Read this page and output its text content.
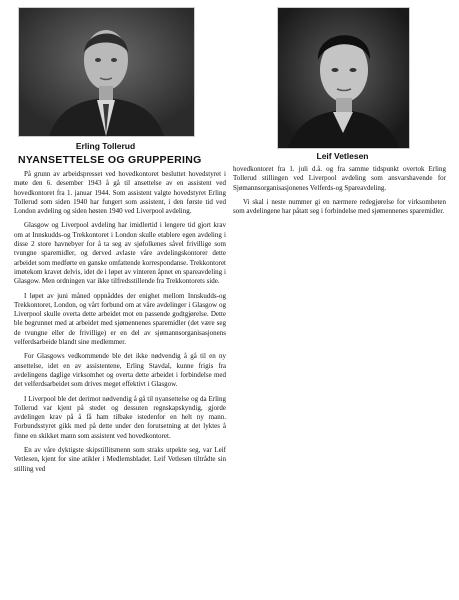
Erling Tollerud
Leif Vetlesen
NYANSETTELSE OG GRUPPERING

På grunn av arbeidspresset ved hovedkontoret besluttet hovedstyret i møte den 6. desember 1943 å gå til ansettelse av en assistent ved hovedkontoret fra 1. januar 1944. Som assistent valgte hovedstyret Erling Tollerud som siden 1940 har fungert som assistent, i den første tid ved London avdeling og siden høsten 1940 ved Liverpool avdeling.

Glasgow og Liverpool avdeling har imidlertid i lengere tid gjort krav om at Innskudds-og Trekkontoret i London skulle etablere egen avdeling i disse 2 store havnebyer for å ta seg av sjøfolkenes såvel frivillige som tvungne sparemidler, og derved avlaste våre avdelingskontorer dette arbeidet som medførte en ganske omfattende korrespondanse. Trekkontoret imøtekom kravet delvis, idet de i løpet av vinteren åpnet en spareavdeling i Glasgow. Men ordningen var ikke tilfredsstillende fra Trekkontorets side.

I løpet av juni måned oppnåddes der enighet mellom Innskudds-og Trekkontoret, London, og vårt forbund om at våre avdelinger i Glasgow og Liverpool skulle overta dette arbeidet mot en passende godtgjørelse. Dette ble begrunnet med at arbeidet med sjømennenes sparemidler (det være seg de tvungne eller de frivillige) er en del av sjømannsorganisasjonens velferdsarbeide blandt sine medlemmer.

For Glasgows vedkommende ble det ikke nødvendig å gå til en ny ansettelse, idet en av assistentene, Erling Stavdal, kunne frigis fra avdelingens daglige virksomhet og overta dette arbeidet i forbindelse med det velferdsarbeidet som drives meget effektivt i Glasgow.

I Liverpool ble det derimot nødvendig å gå til nyansettelse og da Erling Tollerud var kjent på stedet og dessuten regnskapskyndig, gjorde avdelingen krav på å få ham tilbake istedenfor en helt ny mann. Forbundsstyret gikk med på dette under den forutsetning at det lyktes å finne en skikket mann som assistent ved hovedkontoret.

En av våre dyktigste skipstillitsmenn som straks utpekte seg, var Leif Vetlesen, kjent for sine atikler i Medlemsbladet. Leif Vetlesen tiltrådte sin stilling ved

hovedkontoret fra 1. juli d.å. og fra samme tidspunkt overtok Erling Tollerud stillingen ved Liverpool avdeling som ansvarshavende for Sjømannsorganisasjonenes Velferds-og Spareavdeling.

Vi skal i neste nummer gi en nærmere redegjørelse for virksomheten som avdelingene har påtatt seg i forbindelse med sjømennenes sparemidler.
